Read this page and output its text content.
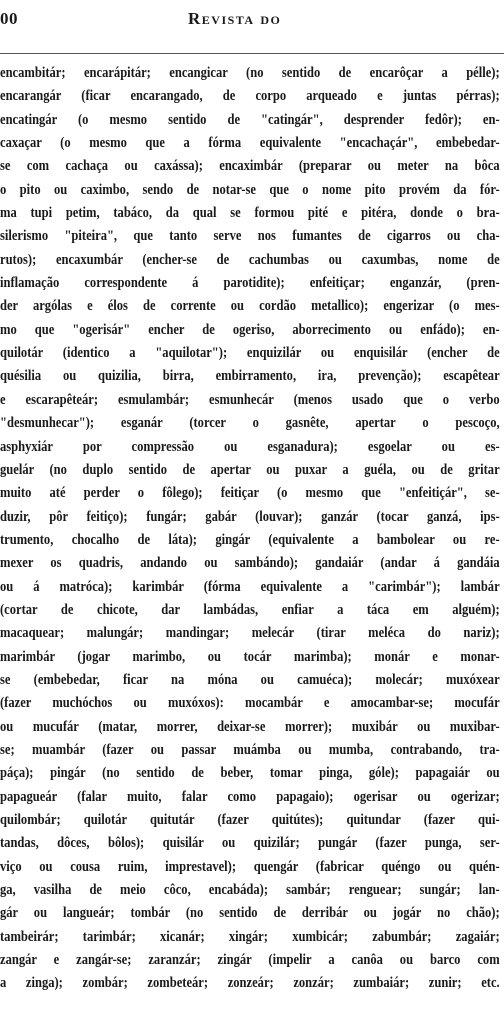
00	Revista do
encambitár; encarápitár; encangicar (no sentido de encarôçar a pélle);
encarangár (ficar encarangado, de corpo arqueado e juntas pérras);
encatingár (o mesmo sentido de "catingár", desprender fedôr); en-
caxaçar (o mesmo que a fórma equivalente "encachaçár", embebedar-
se com cachaça ou caxássa); encaximbár (preparar ou meter na bôca
o pito ou caximbo, sendo de notar-se que o nome pito provém da fór-
ma tupi petim, tabáco, da qual se formou pité e pitéra, donde o bra-
silerismo "piteira", que tanto serve nos fumantes de cigarros ou cha-
rutos); encaxumbár (encher-se de cachumbas ou caxumbas, nome de
inflamação correspondente á parotidite); enfeitiçar; enganzár, (pren-
der argólas e élos de corrente ou cordão metallico); engerizar (o mes-
mo que "ogerisár" encher de ogeriso, aborrecimento ou enfádo); en-
quilotár (identico a "aquilotar"); enquizilár ou enquisilár (encher de
quésilia ou quizilia, birra, embirramento, ira, prevenção); escapêtear
e escarapêteár; esmulambár; esmunhecár (menos usado que o verbo
"desmunhecar"); esganár (torcer o gasnête, apertar o pescoço,
asphyxiár por compressão ou esganadura); esgoelar ou es-
guelár (no duplo sentido de apertar ou puxar a guéla, ou de gritar
muito até perder o fôlego); feitiçar (o mesmo que "enfeitiçár", se-
duzir, pôr feitiço); fungár; gabár (louvar); ganzár (tocar ganzá, ips-
trumento, chocalho de láta); gingár (equivalente a bambolear ou re-
mexer os quadris, andando ou sambándo); gandaiár (andar á gandáia
ou á matróca); karimbár (fórma equivalente a "carimbár"); lambár
(cortar de chicote, dar lambádas, enfiar a táca em alguém);
macaquear; malungár; mandingar; melecár (tirar meléca do nariz);
marimbár (jogar marimbo, ou tocár marimba); monár e monar-
se (embebedar, ficar na móna ou camuéca); molecár; muxóxear
(fazer muchóchos ou muxóxos): mocambár e amocambar-se; mocufár
ou mucufár (matar, morrer, deixar-se morrer); muxibár ou muxibar-
se; muambár (fazer ou passar muámba ou mumba, contrabando, tra-
páça); pingár (no sentido de beber, tomar pinga, góle); papagaiár ou
papagueár (falar muito, falar como papagaio); ogerisar ou ogerizar;
quilombár; quilotár quitutár (fazer quitútes); quitundar (fazer qui-
tandas, dôces, bôlos); quisilár ou quizilár; pungár (fazer punga, ser-
viço ou cousa ruim, imprestavel); quengár (fabricar quéngo ou quén-
ga, vasilha de meio côco, encabáda); sambár; renguear; sungár; lan-
gár ou langueár; tombár (no sentido de derribár ou jogár no chão);
tambeirár; tarimbár; xicanár; xingár; xumbicár; zabumbár; zagaiár;
zangár e zangár-se; zaranzár; zingár (impelir a canôa ou barco com
a zinga); zombár; zombeteár; zonzeár; zonzár; zumbaiár; zunir; etc.
